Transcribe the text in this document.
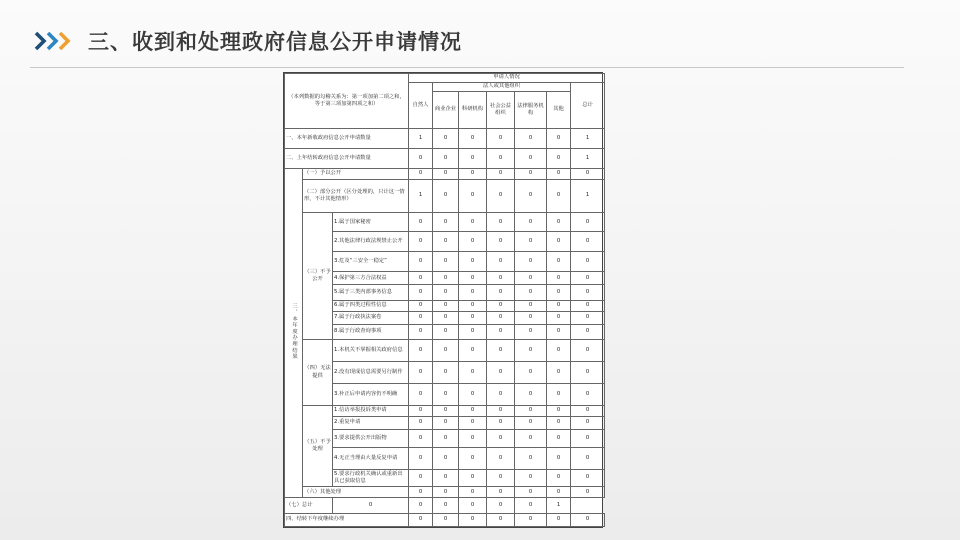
三、收到和处理政府信息公开申请情况
（本列数据的勾稽关系为：第一项加第二项之和，等于第三项加第四项之和）			申请人情况						
			自然人	法人或其他组织					总计
				商业企业	科研机构	社会公益组织	法律服务机构	其他	
一、本年新收政府信息公开申请数量			1	0	0	0	0	0	1
二、上年结转政府信息公开申请数量			0	0	0	0	0	0	1
三、本年度办理结果	（一）予以公开		0	0	0	0	0	0	0
	（二）部分公开（区分处理的，只计这一情形，不计其他情形）		1	0	0	0	0	0	1
	（三）不予公开	1.属于国家秘密	0	0	0	0	0	0	0
		2.其他法律行政法规禁止公开	0	0	0	0	0	0	0
		3.危及“三安全一稳定”	0	0	0	0	0	0	0
		4.保护第三方合法权益	0	0	0	0	0	0	0
		5.属于三类内部事务信息	0	0	0	0	0	0	0
		6.属于四类过程性信息	0	0	0	0	0	0	0
		7.属于行政执法案卷	0	0	0	0	0	0	0
		8.属于行政查询事项	0	0	0	0	0	0	0
	（四）无法提供	1.本机关不掌握相关政府信息	0	0	0	0	0	0	0
		2.没有现成信息需要另行制作	0	0	0	0	0	0	0
		3.补正后申请内容仍不明确	0	0	0	0	0	0	0
	（五）不予处理	1.信访举报投诉类申请	0	0	0	0	0	0	0
		2.重复申请	0	0	0	0	0	0	0
		3.要求提供公开出版物	0	0	0	0	0	0	0
		4.无正当理由大量反复申请	0	0	0	0	0	0	0
		5.要求行政机关确认或重新出具已获取信息	0	0	0	0	0	0	0
	（六）其他处理		0	0	0	0	0	0	0
（七）总计		0	0	0	0	0	0	1	
四、结转下年度继续办理			0	0	0	0	0	0	0
